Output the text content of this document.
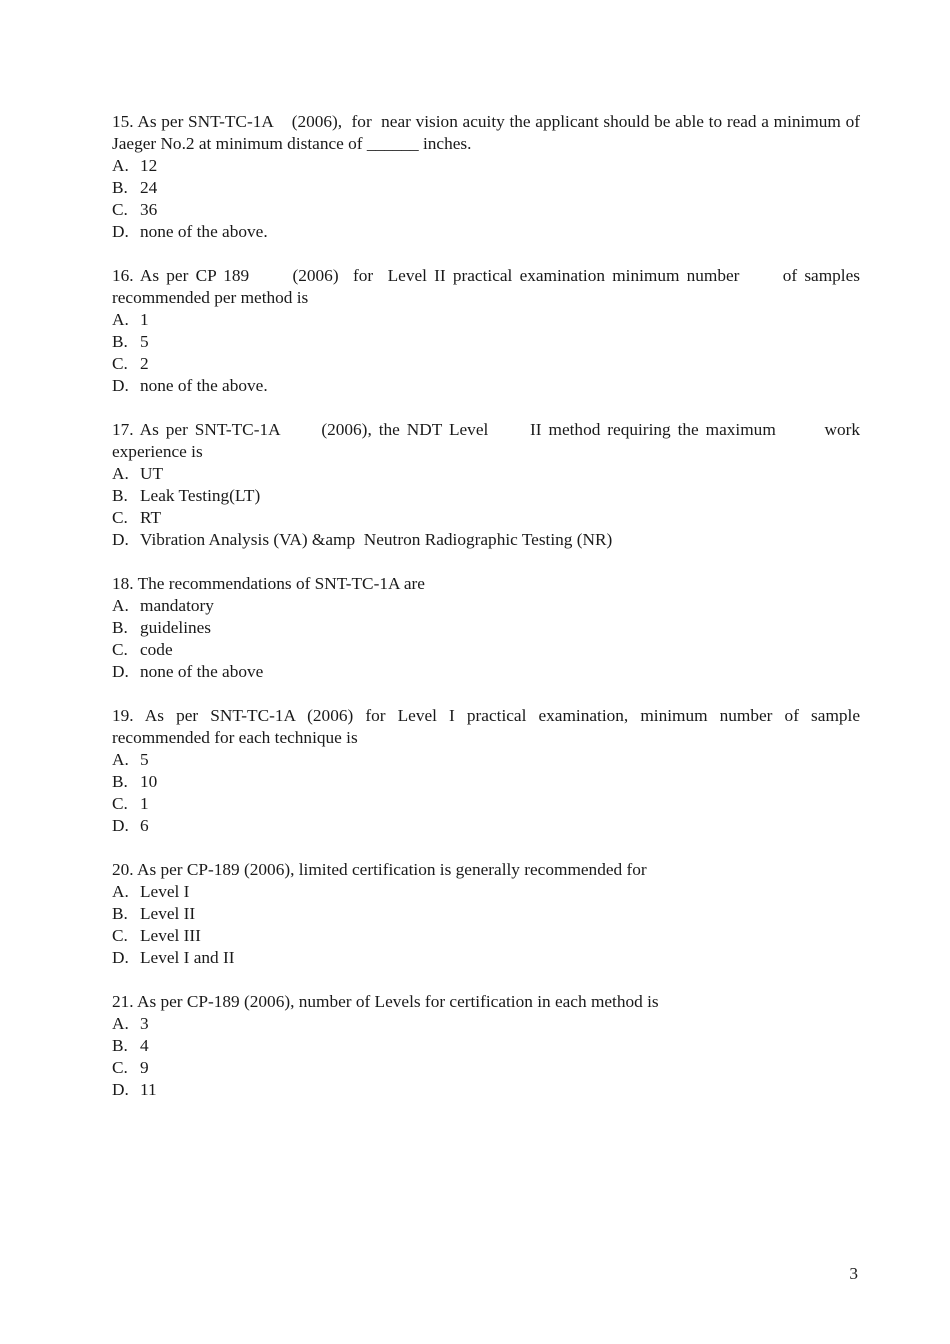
15. As per SNT-TC-1A    (2006),  for  near vision acuity the applicant should be able to read a minimum of Jaeger No.2 at minimum distance of ______ inches.

A. 12
B. 24
C. 36
D. none of the above.

16. As per CP 189      (2006)  for  Level II practical examination minimum number      of samples recommended per method is

A. 1
B. 5
C. 2
D. none of the above.

17. As per SNT-TC-1A      (2006), the NDT Level      II method requiring the maximum       work experience is

A. UT
B. Leak Testing(LT)
C. RT
D. Vibration Analysis (VA) &amp  Neutron Radiographic Testing (NR)

18. The recommendations of SNT-TC-1A are

A. mandatory
B. guidelines
C. code
D. none of the above

19. As per SNT-TC-1A (2006) for Level I practical examination, minimum number of sample recommended for each technique is

A. 5
B. 10
C. 1
D. 6

20. As per CP-189 (2006), limited certification is generally recommended for

A. Level I
B. Level II
C. Level III
D. Level I and II

21. As per CP-189 (2006), number of Levels for certification in each method is

A. 3
B. 4
C. 9
D. 11
3
